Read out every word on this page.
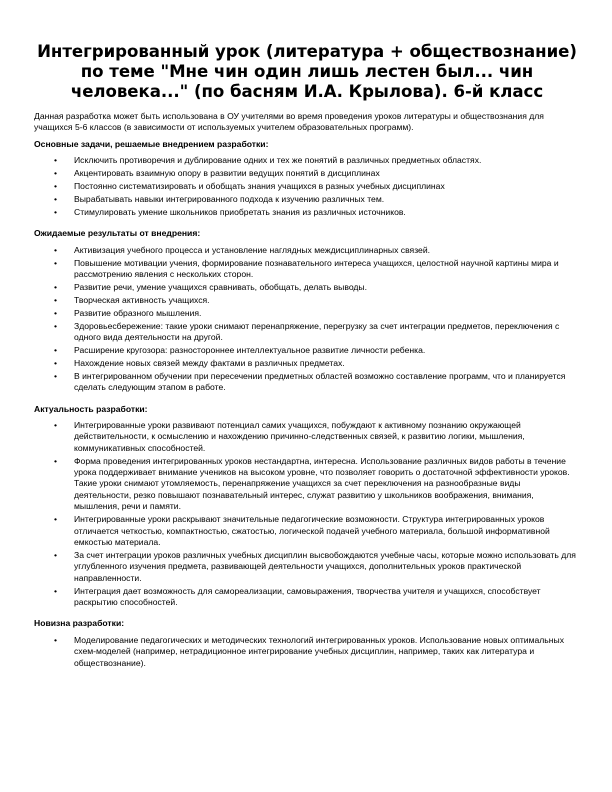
Интегрированный урок (литература + обществознание) по теме "Мне чин один лишь лестен был... чин человека..." (по басням И.А. Крылова). 6-й класс

Данная разработка может быть использована в ОУ учителями во время проведения уроков литературы и обществознания для учащихся 5-6 классов (в зависимости от используемых учителем образовательных программ).

Основные задачи, решаемые внедрением разработки:
• Исключить противоречия и дублирование одних и тех же понятий в различных предметных областях.
• Акцентировать взаимную опору в развитии ведущих понятий в дисциплинах
• Постоянно систематизировать и обобщать знания учащихся в разных учебных дисциплинах
• Вырабатывать навыки интегрированного подхода к изучению различных тем.
• Стимулировать умение школьников приобретать знания из различных источников.
Ожидаемые результаты от внедрения:
• Активизация учебного процесса и установление наглядных междисциплинарных связей.
• Повышение мотивации учения, формирование познавательного интереса учащихся, целостной научной картины мира и рассмотрению явления с нескольких сторон.
• Развитие речи, умение учащихся сравнивать, обобщать, делать выводы.
• Творческая активность учащихся.
• Развитие образного мышления.
• Здоровьесбережение: такие уроки снимают перенапряжение, перегрузку за счет интеграции предметов, переключения с одного вида деятельности на другой.
• Расширение кругозора: разностороннее интеллектуальное развитие личности ребенка.
• Нахождение новых связей между фактами в различных предметах.
• В интегрированном обучении при пересечении предметных областей возможно составление программ, что и планируется сделать следующим этапом в работе.
Актуальность разработки:
• Интегрированные уроки развивают потенциал самих учащихся, побуждают к активному познанию окружающей действительности, к осмыслению и нахождению причинно-следственных связей, к развитию логики, мышления, коммуникативных способностей.
• Форма проведения интегрированных уроков нестандартна, интересна. Использование различных видов работы в течение урока поддерживает внимание учеников на высоком уровне, что позволяет говорить о достаточной эффективности уроков. Такие уроки снимают утомляемость, перенапряжение учащихся за счет переключения на разнообразные виды деятельности, резко повышают познавательный интерес, служат развитию у школьников воображения, внимания, мышления, речи и памяти.
• Интегрированные уроки раскрывают значительные педагогические возможности. Структура интегрированных уроков отличается четкостью, компактностью, сжатостью, логической подачей учебного материала, большой информативной емкостью материала.
• За счет интеграции уроков различных учебных дисциплин высвобождаются учебные часы, которые можно использовать для углубленного изучения предмета, развивающей деятельности учащихся, дополнительных уроков практической направленности.
• Интеграция дает возможность для самореализации, самовыражения, творчества учителя и учащихся, способствует раскрытию способностей.
Новизна разработки:
• Моделирование педагогических и методических технологий интегрированных уроков. Использование новых оптимальных схем-моделей (например, нетрадиционное интегрирование учебных дисциплин, например, таких как литература и обществознание).
